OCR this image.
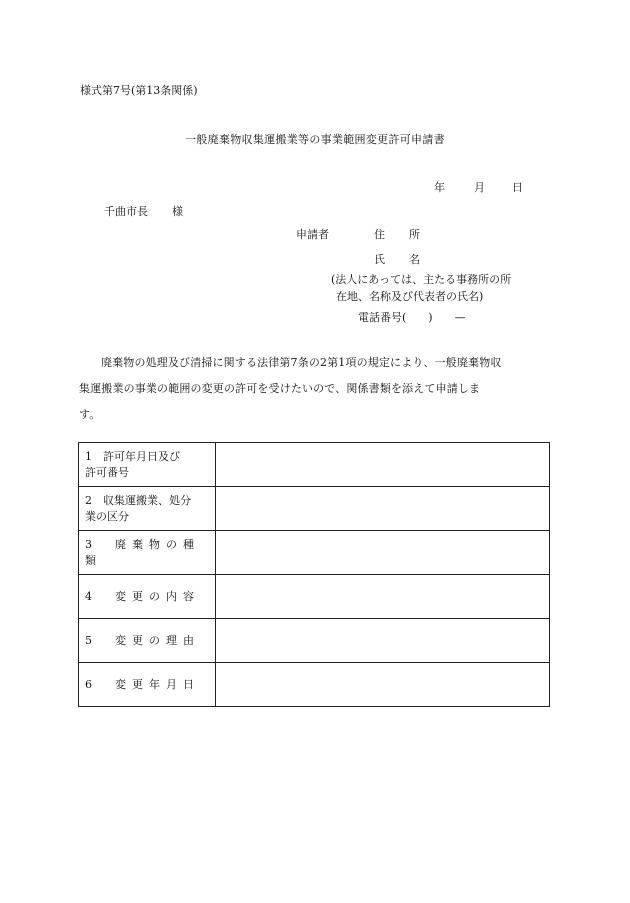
様式第7号(第13条関係)
一般廃棄物収集運搬業等の事業範囲変更許可申請書
年	月 日
千曲市長 様
申請者	住所
氏名
(法人にあっては、主たる事務所の所
在地、名称及び代表者の氏名)
電話番号(　　)　　—
廃棄物の処理及び清掃に関する法律第7条の2第1項の規定により、一般廃棄物収
集運搬業の事業の範囲の変更の許可を受けたいので、関係書類を添えて申請しま
す。
1　許可年月日及び
許可番号	

2　収集運搬業、処分
業の区分	

3　廃棄物の種類	
4　変更の内容	
5　変更の理由	
6　変更年月日	
